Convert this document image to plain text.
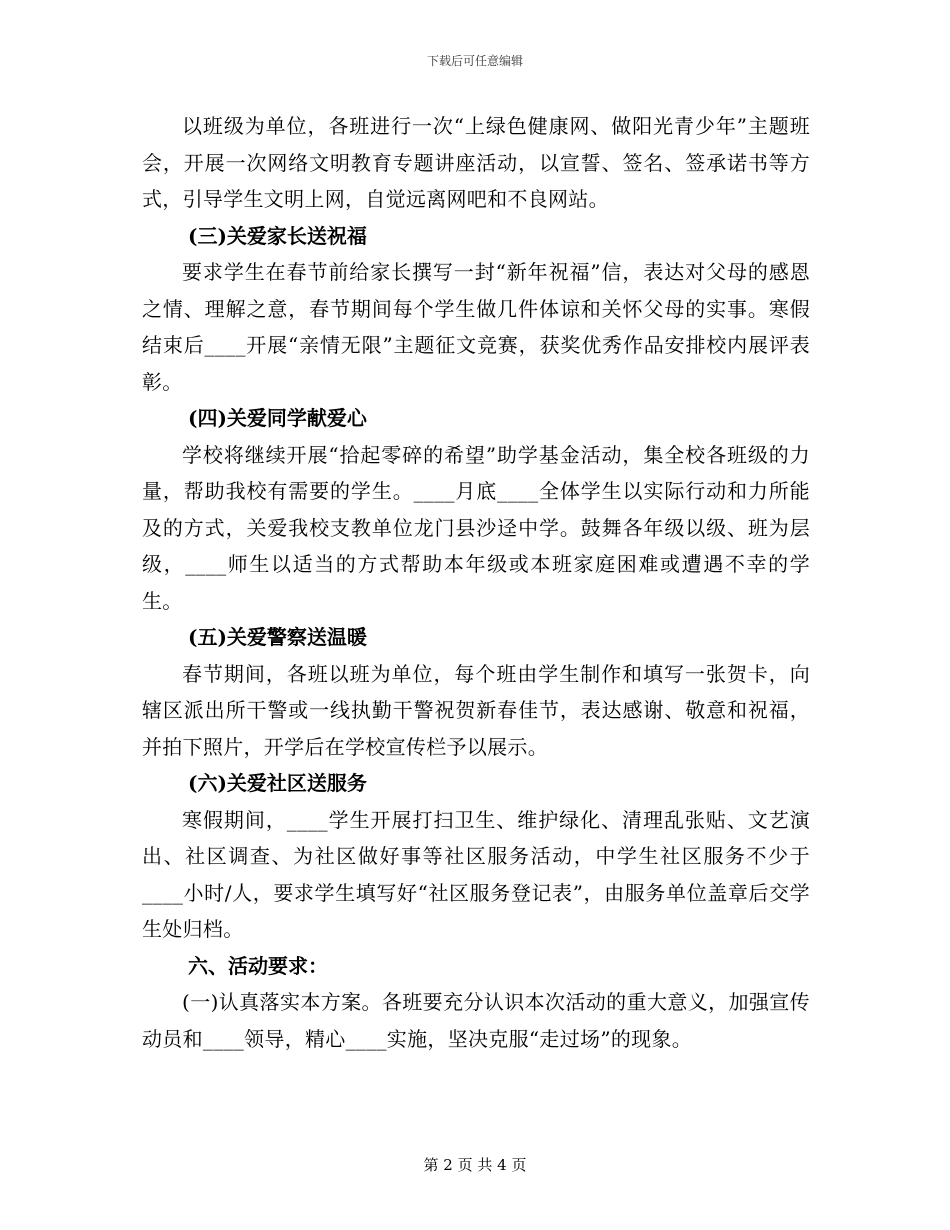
下载后可任意编辑

以班级为单位，各班进行一次“上绿色健康网、做阳光青少年”主题班会，开展一次网络文明教育专题讲座活动，以宣誓、签名、签承诺书等方式，引导学生文明上网，自觉远离网吧和不良网站。

(三)关爱家长送祝福

要求学生在春节前给家长撰写一封“新年祝福”信，表达对父母的感恩之情、理解之意，春节期间每个学生做几件体谅和关怀父母的实事。寒假结束后____开展“亲情无限”主题征文竞赛，获奖优秀作品安排校内展评表彰。

(四)关爱同学献爱心

学校将继续开展“拾起零碎的希望”助学基金活动，集全校各班级的力量，帮助我校有需要的学生。____月底____全体学生以实际行动和力所能及的方式，关爱我校支教单位龙门县沙迳中学。鼓舞各年级以级、班为层级，____师生以适当的方式帮助本年级或本班家庭困难或遭遇不幸的学生。

(五)关爱警察送温暖

春节期间，各班以班为单位，每个班由学生制作和填写一张贺卡，向辖区派出所干警或一线执勤干警祝贺新春佳节，表达感谢、敬意和祝福，并拍下照片，开学后在学校宣传栏予以展示。

(六)关爱社区送服务

寒假期间，____学生开展打扫卫生、维护绿化、清理乱张贴、文艺演出、社区调查、为社区做好事等社区服务活动，中学生社区服务不少于____小时/人，要求学生填写好“社区服务登记表”，由服务单位盖章后交学生处归档。

六、活动要求：

(一)认真落实本方案。各班要充分认识本次活动的重大意义，加强宣传动员和____领导，精心____实施，坚决克服“走过场”的现象。

第 2 页 共 4 页
